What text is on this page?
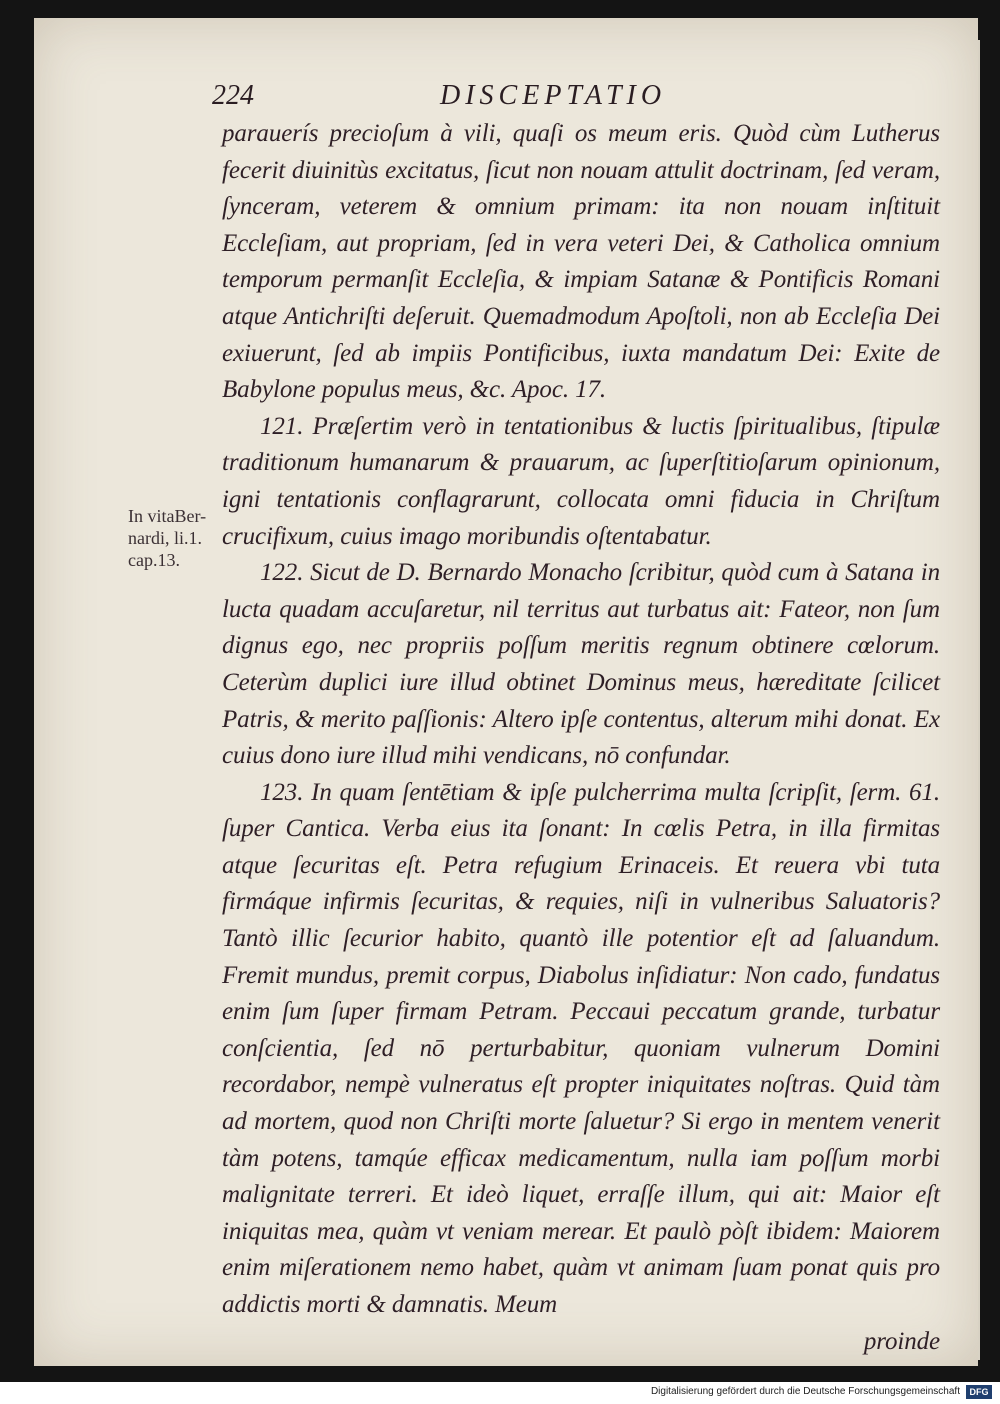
224	DISCEPTATIO
In vitaBer-
nardi, li.1.
cap.13.

parauerís precioſum à vili, quaſi os meum eris. Quòd cùm Lutherus fecerit diuinitùs excitatus, ſicut non nouam attulit doctrinam, ſed veram, ſynceram, veterem & omnium primam: ita non nouam inſtituit Eccleſiam, aut propriam, ſed in vera veteri Dei, & Catholica omnium temporum permanſit Eccleſia, & impiam Satanæ & Pontificis Romani atque Antichriſti deſeruit. Quemadmodum Apoſtoli, non ab Eccleſia Dei exiuerunt, ſed ab impiis Pontificibus, iuxta mandatum Dei: Exite de Babylone populus meus, &c. Apoc. 17.

121. Præſertim verò in tentationibus & luctis ſpiritualibus, ſtipulæ traditionum humanarum & prauarum, ac ſuperſtitioſarum opinionum, igni tentationis conflagrarunt, collocata omni fiducia in Chriſtum crucifixum, cuius imago moribundis oſtentabatur.

122. Sicut de D. Bernardo Monacho ſcribitur, quòd cum à Satana in lucta quadam accuſaretur, nil territus aut turbatus ait: Fateor, non ſum dignus ego, nec propriis poſſum meritis regnum obtinere cœlorum. Ceterùm duplici iure illud obtinet Dominus meus, hæreditate ſcilicet Patris, & merito paſſionis: Altero ipſe contentus, alterum mihi donat. Ex cuius dono iure illud mihi vendicans, nō confundar.

123. In quam ſentētiam & ipſe pulcherrima multa ſcripſit, ſerm. 61. ſuper Cantica. Verba eius ita ſonant: In cœlis Petra, in illa firmitas atque ſecuritas eſt. Petra refugium Erinaceis. Et reuera vbi tuta firmáque infirmis ſecuritas, & requies, niſi in vulneribus Saluatoris? Tantò illic ſecurior habito, quantò ille potentior eſt ad ſaluandum. Fremit mundus, premit corpus, Diabolus inſidiatur: Non cado, fundatus enim ſum ſuper firmam Petram. Peccaui peccatum grande, turbatur conſcientia, ſed nō perturbabitur, quoniam vulnerum Domini recordabor, nempè vulneratus eſt propter iniquitates noſtras. Quid tàm ad mortem, quod non Chriſti morte ſaluetur? Si ergo in mentem venerit tàm potens, tamqúe efficax medicamentum, nulla iam poſſum morbi malignitate terreri. Et ideò liquet, erraſſe illum, qui ait: Maior eſt iniquitas mea, quàm vt veniam merear. Et paulò pòſt ibidem: Maiorem enim miſerationem nemo habet, quàm vt animam ſuam ponat quis pro addictis morti & damnatis. Meum

proinde

Digitalisierung gefördert durch die Deutsche Forschungsgemeinschaft	DFG
